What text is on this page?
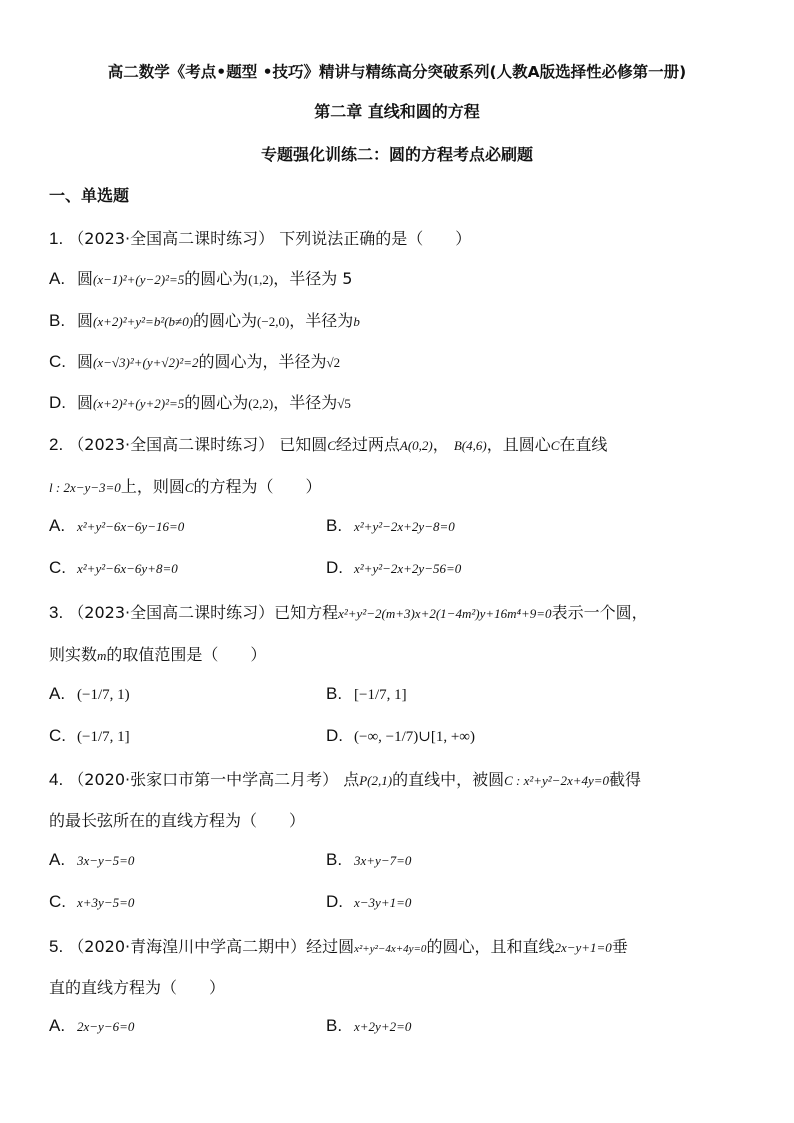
高二数学《考点•题型 •技巧》精讲与精练高分突破系列(人教A版选择性必修第一册)
第二章 直线和圆的方程
专题强化训练二：圆的方程考点必刷题
一、单选题
1. （2023·全国高二课时练习） 下列说法正确的是（　　）
A. 圆(x−1)²+(y−2)²=5的圆心为(1,2)，半径为 5
B. 圆(x+2)²+y²=b²(b≠0)的圆心为(−2,0)，半径为b
C. 圆(x−√3)²+(y+√2)²=2的圆心为，半径为√2
D. 圆(x+2)²+(y+2)²=5的圆心为(2,2)，半径为√5
2. （2023·全国高二课时练习） 已知圆C经过两点A(0,2)， B(4,6)，且圆心C在直线
l : 2x−y−3=0上，则圆C的方程为（　　）
A. x²+y²−6x−6y−16=0	B. x²+y²−2x+2y−8=0
C. x²+y²−6x−6y+8=0	D. x²+y²−2x+2y−56=0
3. （2023·全国高二课时练习）已知方程x²+y²−2(m+3)x+2(1−4m²)y+16m⁴+9=0表示一个圆，
则实数m的取值范围是（　　）
A. (−1/7, 1)	B. [−1/7, 1]
C. (−1/7, 1]	D. (−∞, −1/7)∪[1, +∞)
4. （2020·张家口市第一中学高二月考） 点P(2,1)的直线中，被圆C : x²+y²−2x+4y=0截得
的最长弦所在的直线方程为（　　）
A. 3x−y−5=0	B. 3x+y−7=0
C. x+3y−5=0	D. x−3y+1=0
5. （2020·青海湟川中学高二期中）经过圆x²+y²−4x+4y=0的圆心，且和直线2x−y+1=0垂
直的直线方程为（　　）
A. 2x−y−6=0	B. x+2y+2=0
